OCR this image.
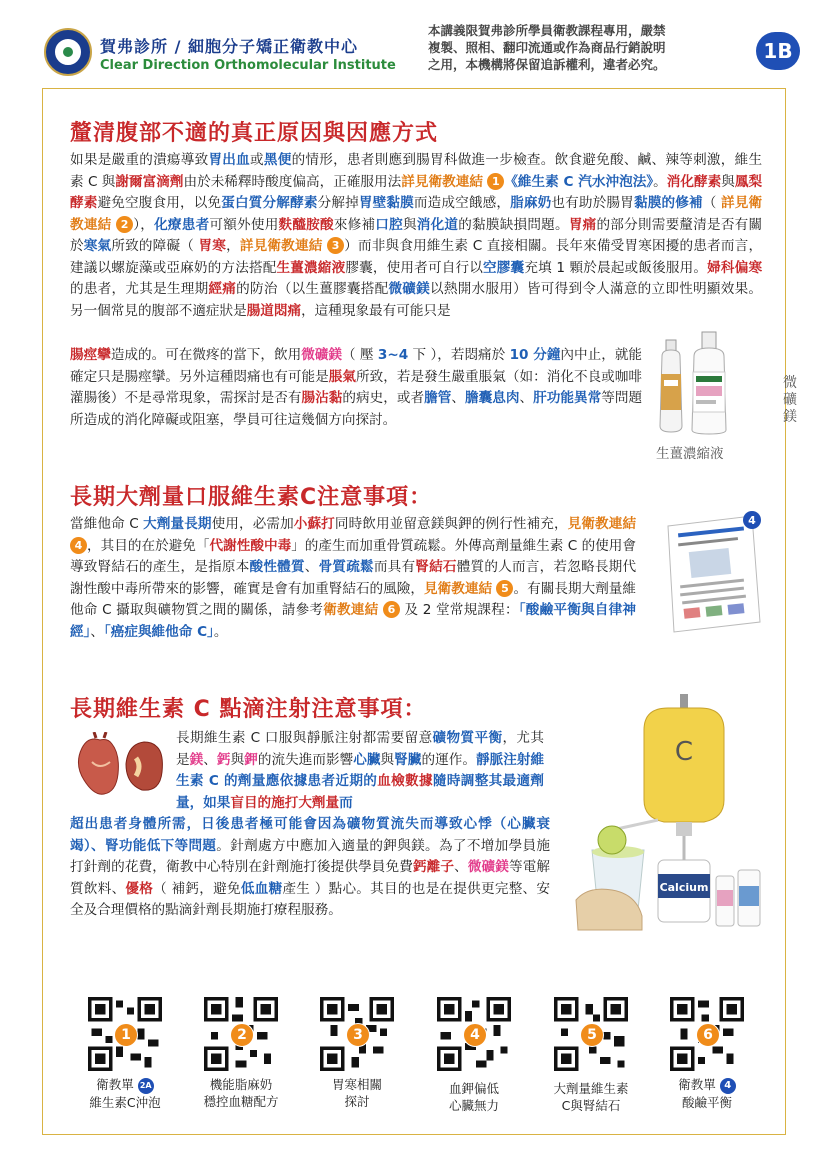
賀弗診所 / 細胞分子矯正衛教中心
Clear Direction Orthomolecular Institute
本講義限賀弗診所學員衛教課程專用，嚴禁
複製、照相、翻印流通或作為商品行銷說明
之用，本機構將保留追訴權利，違者必究。
1B
釐清腹部不適的真正原因與因應方式
如果是嚴重的潰瘍導致胃出血或黑便的情形，患者則應到腸胃科做進一步檢查。飲食避免酸、鹹、辣等刺激，維生素 C 與謝爾富滴劑由於未稀釋時酸度偏高，正確服用法詳見衛教連結 1 《維生素 C 汽水沖泡法》。消化酵素與鳳梨酵素避免空腹食用，以免蛋白質分解酵素分解掉胃壁黏膜而造成空餓感，脂麻奶也有助於腸胃黏膜的修補（ 詳見衛教連結 2 ），化療患者可額外使用麩醯胺酸來修補口腔與消化道的黏膜缺損問題。胃痛的部分則需要釐清是否有關於寒氣所致的障礙（ 胃寒，詳見衛教連結 3 ）而非與食用維生素 C 直接相關。長年來備受胃寒困擾的患者而言，建議以螺旋藻或亞麻奶的方法搭配生薑濃縮液膠囊，使用者可自行以空膠囊充填 1 顆於晨起或飯後服用。婦科偏寒的患者，尤其是生理期經痛的防治（以生薑膠囊搭配微礦鎂以熱開水服用）皆可得到令人滿意的立即性明顯效果。另一個常見的腹部不適症狀是腸道悶痛，這種現象最有可能只是
腸痙攣造成的。可在微疼的當下，飲用微礦鎂（ 壓 3~4 下 ），若悶痛於 10 分鐘內中止，就能確定只是腸痙攣。另外這種悶痛也有可能是脹氣所致，若是發生嚴重脹氣（如：消化不良或咖啡灌腸後）不是尋常現象，需探討是否有腸沾黏的病史，或者膽管、膽囊息肉、肝功能異常等問題所造成的消化障礙或阻塞，學員可往這幾個方向探討。
微礦鎂
生薑濃縮液
長期大劑量口服維生素C注意事項：
當維他命 C 大劑量長期使用，必需加小蘇打同時飲用並留意鎂與鉀的例行性補充，見衛教連結 4 ，其目的在於避免「代謝性酸中毒」的產生而加重骨質疏鬆。外傳高劑量維生素 C 的使用會導致腎結石的產生，是指原本酸性體質、骨質疏鬆而具有腎結石體質的人而言，若忽略長期代謝性酸中毒所帶來的影響，確實是會有加重腎結石的風險，見衛教連結 5 。有關長期大劑量維他命 C 攝取與礦物質之間的關係，請參考衛教連結 6 及 2 堂常規課程：「酸鹼平衡與自律神經」、「癌症與維他命 C」。
4
長期維生素 C 點滴注射注意事項：
長期維生素 C 口服與靜脈注射都需要留意礦物質平衡，尤其是鎂、鈣與鉀的流失進而影響心臟與腎臟的運作。靜脈注射維生素 C 的劑量應依據患者近期的血檢數據隨時調整其最適劑量，如果盲目的施打大劑量而
超出患者身體所需，日後患者極可能會因為礦物質流失而導致心悸（心臟衰竭）、腎功能低下等問題。針劑處方中應加入適量的鉀與鎂。為了不增加學員施打針劑的花費，衛教中心特別在針劑施打後提供學員免費鈣離子、微礦鎂等電解質飲料、優格（ 補鈣，避免低血糖產生 ）點心。其目的也是在提供更完整、安全及合理價格的點滴針劑長期施打療程服務。
C
Calcium
1	2	3	4	5	6
衛教單 2A
維生素C沖泡
機能脂麻奶
穩控血糖配方
胃寒相關
探討
血鉀偏低
心臟無力
大劑量維生素
C與腎結石
衛教單 4
酸鹼平衡
